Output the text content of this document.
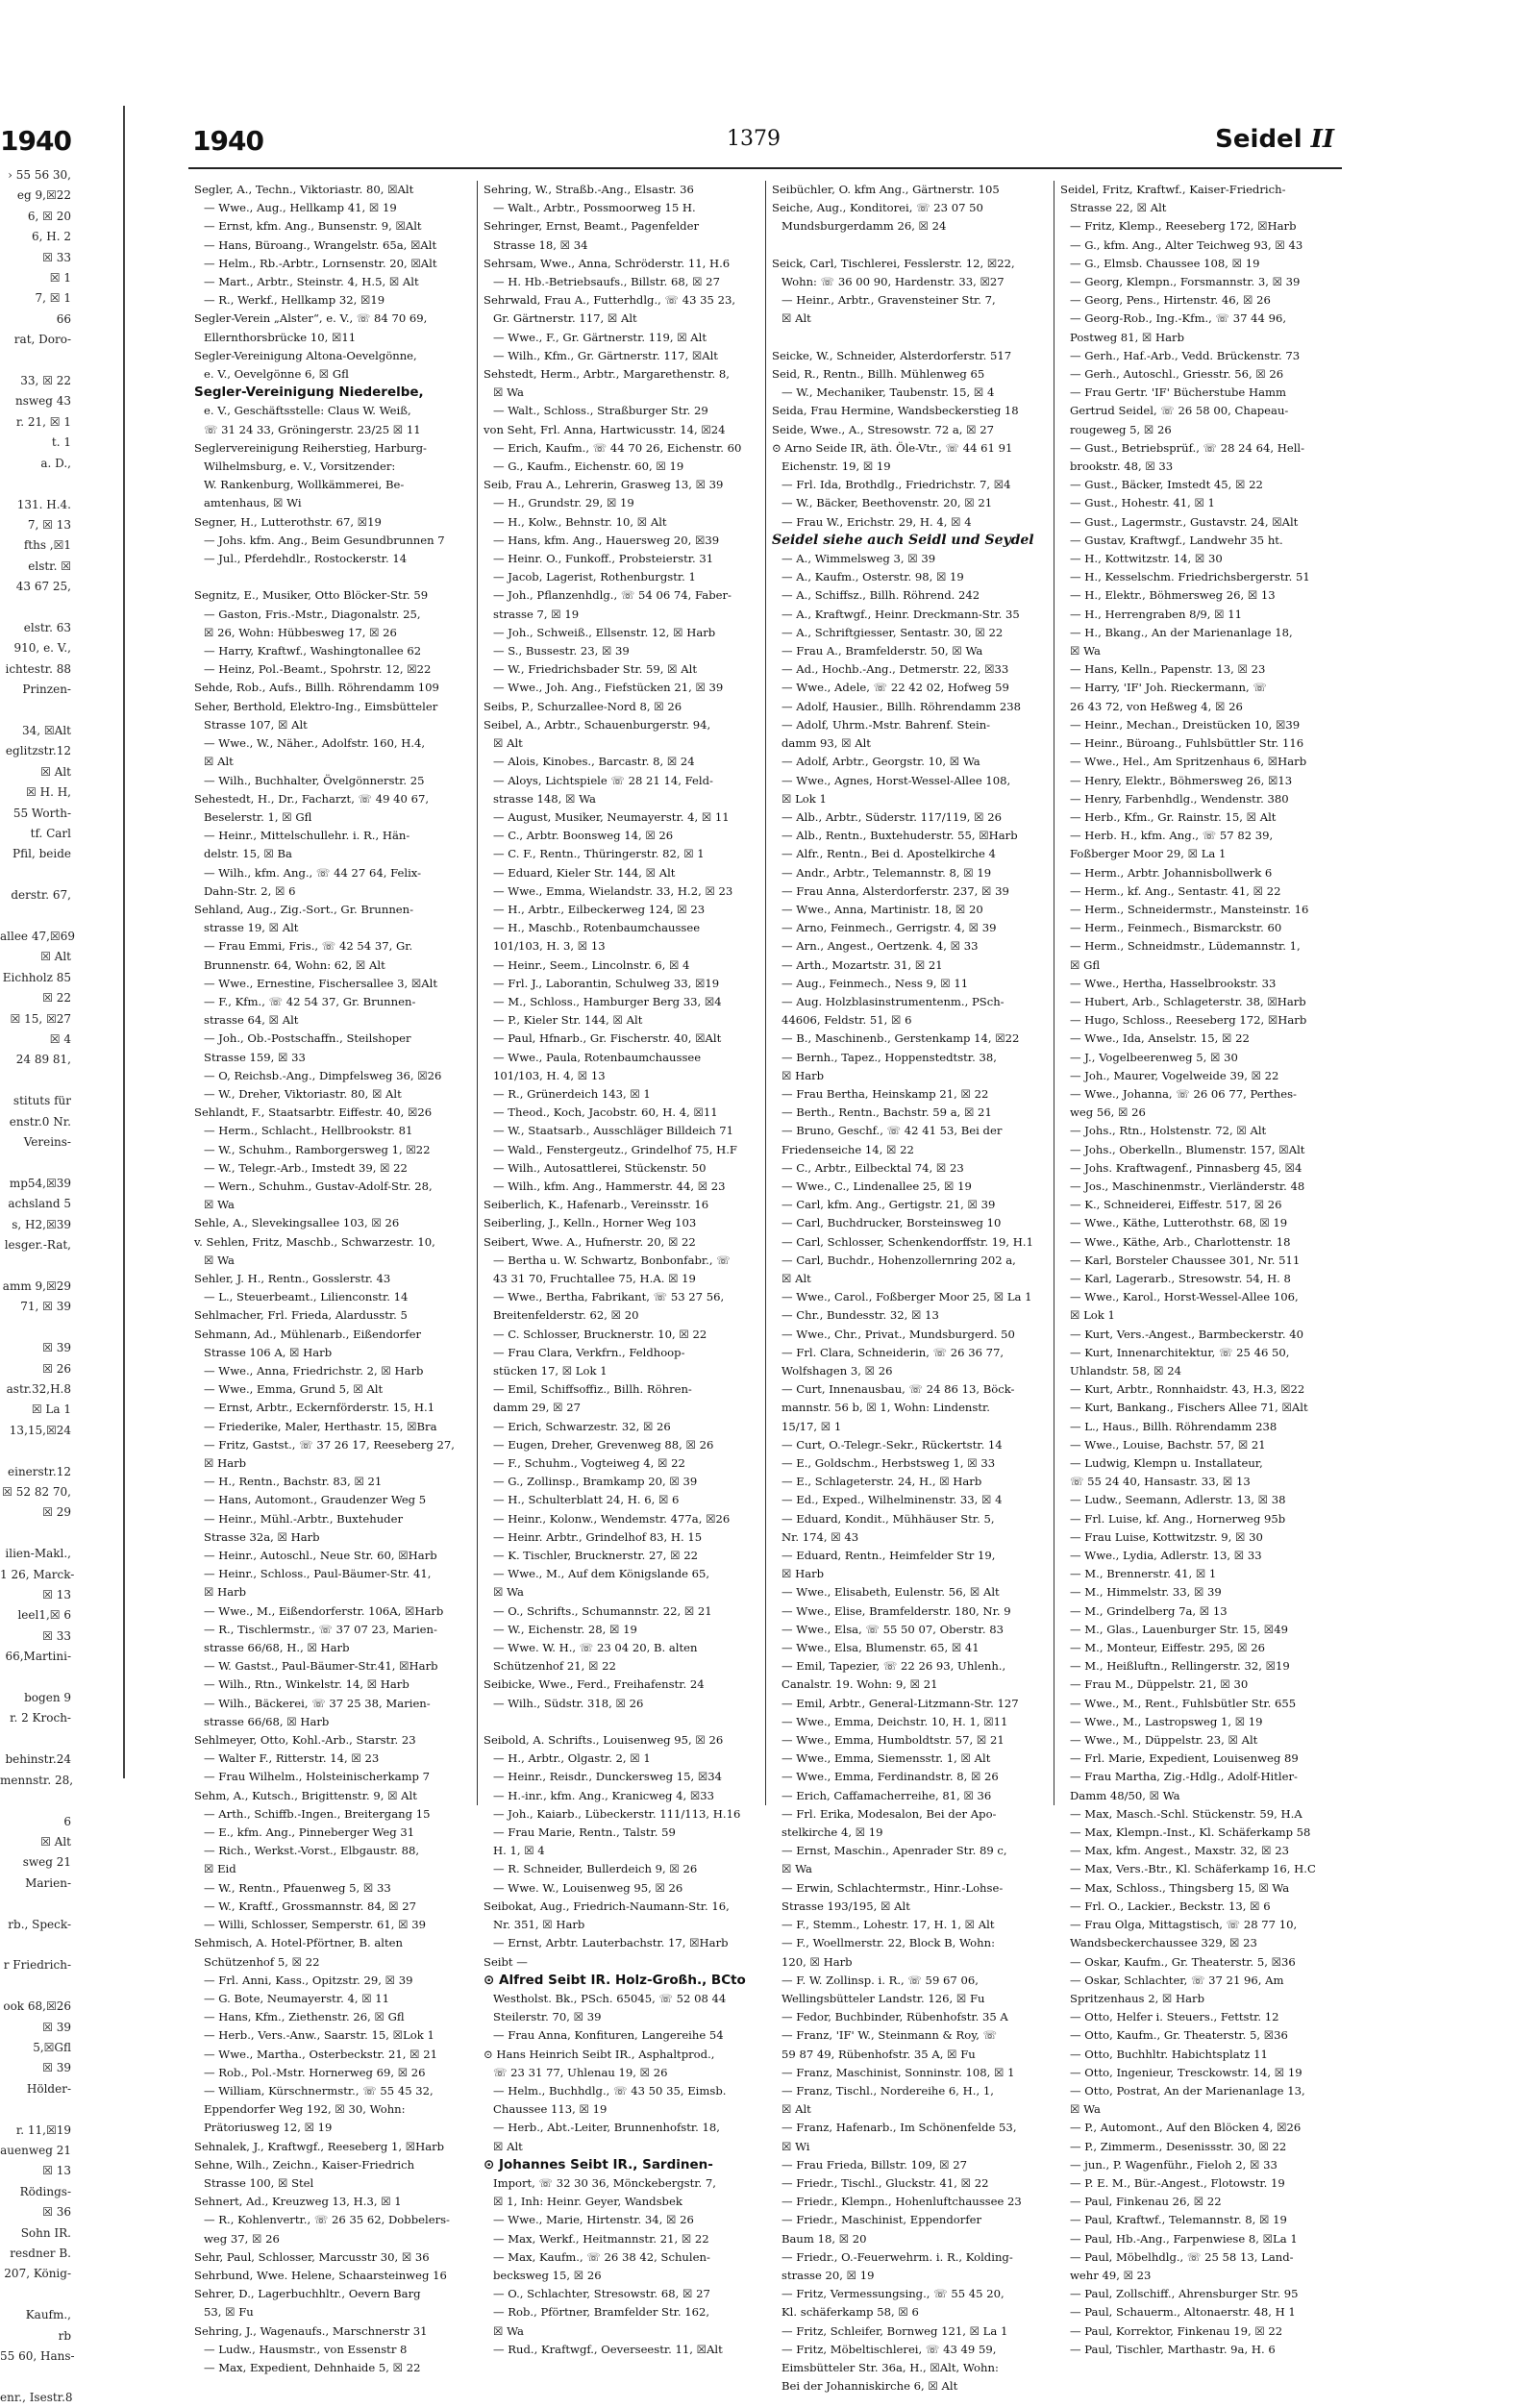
1940
› 55 56 30,
eg 9,☒22
6, ☒ 20
6, H. 2
☒ 33
☒ 1
7, ☒ 1
66
rat, Doro-

33, ☒ 22
nsweg 43
r. 21, ☒ 1
t. 1
a. D.,

131. H.4.
7, ☒ 13
fths ,☒1
elstr. ☒
43 67 25,

elstr. 63
910, e. V.,
ichtestr. 88
Prinzen-

34, ☒Alt
eglitzstr.12
☒ Alt
☒ H. H,
55 Worth-
tf. Carl
Pfil, beide

derstr. 67,

allee 47,☒69
☒ Alt
Eichholz 85
☒ 22
☒ 15, ☒27
☒ 4
24 89 81,

stituts für
enstr.0 Nr.
Vereins-

mp54,☒39
achsland 5
s, H2,☒39
lesger.-Rat,

amm 9,☒29
71, ☒ 39

☒ 39
☒ 26
astr.32,H.8
☒ La 1
13,15,☒24

einerstr.12
☒ 52 82 70,
☒ 29

ilien-Makl.,
1 26, Marck-
☒ 13
leel1,☒ 6
☒ 33
66,Martini-

bogen 9
r. 2 Kroch-

behinstr.24
mennstr. 28,

6
☒ Alt
sweg 21
Marien-

rb., Speck-

r Friedrich-

ook 68,☒26
☒ 39
5,☒Gfl
☒ 39
Hölder-

r. 11,☒19
auenweg 21
☒ 13
Rödings-
☒ 36
Sohn IR.
resdner B.
207, König-

Kaufm.,
rb
55 60, Hans-

enr., Isestr.8
1940	1379	Seidel II
Segler, A., Techn., Viktoriastr. 80, ☒Alt
— Wwe., Aug., Hellkamp 41, ☒ 19
— Ernst, kfm. Ang., Bunsenstr. 9, ☒Alt
— Hans, Büroang., Wrangelstr. 65a, ☒Alt
— Helm., Rb.-Arbtr., Lornsenstr. 20, ☒Alt
— Mart., Arbtr., Steinstr. 4, H.5, ☒ Alt
— R., Werkf., Hellkamp 32, ☒19
Segler-Verein „Alster“, e. V., ☏ 84 70 69,
Ellernthorsbrücke 10, ☒11
Segler-Vereinigung Altona-Oevelgönne,
e. V., Oevelgönne 6, ☒ Gfl
Segler-Vereinigung Niederelbe,
e. V., Geschäftsstelle: Claus W. Weiß,
☏ 31 24 33, Gröningerstr. 23/25 ☒ 11
Seglervereinigung Reiherstieg, Harburg-
Wilhelmsburg, e. V., Vorsitzender:
W. Rankenburg, Wollkämmerei, Be-
amtenhaus, ☒ Wi
Segner, H., Lutterothstr. 67, ☒19
— Johs. kfm. Ang., Beim Gesundbrunnen 7
— Jul., Pferdehdlr., Rostockerstr. 14

Segnitz, E., Musiker, Otto Blöcker-Str. 59
— Gaston, Fris.-Mstr., Diagonalstr. 25,
☒ 26, Wohn: Hübbesweg 17, ☒ 26
— Harry, Kraftwf., Washingtonallee 62
— Heinz, Pol.-Beamt., Spohrstr. 12, ☒22
Sehde, Rob., Aufs., Billh. Röhrendamm 109
Seher, Berthold, Elektro-Ing., Eimsbütteler
Strasse 107, ☒ Alt
— Wwe., W., Näher., Adolfstr. 160, H.4,
☒ Alt
— Wilh., Buchhalter, Övelgönnerstr. 25
Sehestedt, H., Dr., Facharzt, ☏ 49 40 67,
Beselerstr. 1, ☒ Gfl
— Heinr., Mittelschullehr. i. R., Hän-
delstr. 15, ☒ Ba
— Wilh., kfm. Ang., ☏ 44 27 64, Felix-
Dahn-Str. 2, ☒ 6
Sehland, Aug., Zig.-Sort., Gr. Brunnen-
strasse 19, ☒ Alt
— Frau Emmi, Fris., ☏ 42 54 37, Gr.
Brunnenstr. 64, Wohn: 62, ☒ Alt
— Wwe., Ernestine, Fischersallee 3, ☒Alt
— F., Kfm., ☏ 42 54 37, Gr. Brunnen-
strasse 64, ☒ Alt
— Joh., Ob.-Postschaffn., Steilshoper
Strasse 159, ☒ 33
— O, Reichsb.-Ang., Dimpfelsweg 36, ☒26
— W., Dreher, Viktoriastr. 80, ☒ Alt
Sehlandt, F., Staatsarbtr. Eiffestr. 40, ☒26
— Herm., Schlacht., Hellbrookstr. 81
— W., Schuhm., Ramborgersweg 1, ☒22
— W., Telegr.-Arb., Imstedt 39, ☒ 22
— Wern., Schuhm., Gustav-Adolf-Str. 28,
☒ Wa
Sehle, A., Slevekingsallee 103, ☒ 26
v. Sehlen, Fritz, Maschb., Schwarzestr. 10,
☒ Wa
Sehler, J. H., Rentn., Gosslerstr. 43
— L., Steuerbeamt., Lilienconstr. 14
Sehlmacher, Frl. Frieda, Alardusstr. 5
Sehmann, Ad., Mühlenarb., Eißendorfer
Strasse 106 A, ☒ Harb
— Wwe., Anna, Friedrichstr. 2, ☒ Harb
— Wwe., Emma, Grund 5, ☒ Alt
— Ernst, Arbtr., Eckernförderstr. 15, H.1
— Friederike, Maler, Herthastr. 15, ☒Bra
— Fritz, Gastst., ☏ 37 26 17, Reeseberg 27,
☒ Harb
— H., Rentn., Bachstr. 83, ☒ 21
— Hans, Automont., Graudenzer Weg 5
— Heinr., Mühl.-Arbtr., Buxtehuder
Strasse 32a, ☒ Harb
— Heinr., Autoschl., Neue Str. 60, ☒Harb
— Heinr., Schloss., Paul-Bäumer-Str. 41,
☒ Harb
— Wwe., M., Eißendorferstr. 106A, ☒Harb
— R., Tischlermstr., ☏ 37 07 23, Marien-
strasse 66/68, H., ☒ Harb
— W. Gastst., Paul-Bäumer-Str.41, ☒Harb
— Wilh., Rtn., Winkelstr. 14, ☒ Harb
— Wilh., Bäckerei, ☏ 37 25 38, Marien-
strasse 66/68, ☒ Harb
Sehlmeyer, Otto, Kohl.-Arb., Starstr. 23
— Walter F., Ritterstr. 14, ☒ 23
— Frau Wilhelm., Holsteinischerkamp 7
Sehm, A., Kutsch., Brigittenstr. 9, ☒ Alt
— Arth., Schiffb.-Ingen., Breitergang 15
— E., kfm. Ang., Pinneberger Weg 31
— Rich., Werkst.-Vorst., Elbgaustr. 88,
☒ Eid
— W., Rentn., Pfauenweg 5, ☒ 33
— W., Kraftf., Grossmannstr. 84, ☒ 27
— Willi, Schlosser, Semperstr. 61, ☒ 39
Sehmisch, A. Hotel-Pförtner, B. alten
Schützenhof 5, ☒ 22
— Frl. Anni, Kass., Opitzstr. 29, ☒ 39
— G. Bote, Neumayerstr. 4, ☒ 11
— Hans, Kfm., Ziethenstr. 26, ☒ Gfl
— Herb., Vers.-Anw., Saarstr. 15, ☒Lok 1
— Wwe., Martha., Osterbeckstr. 21, ☒ 21
— Rob., Pol.-Mstr. Hornerweg 69, ☒ 26
— William, Kürschnermstr., ☏ 55 45 32,
Eppendorfer Weg 192, ☒ 30, Wohn:
Prätoriusweg 12, ☒ 19
Sehnalek, J., Kraftwgf., Reeseberg 1, ☒Harb
Sehne, Wilh., Zeichn., Kaiser-Friedrich
Strasse 100, ☒ Stel
Sehnert, Ad., Kreuzweg 13, H.3, ☒ 1
— R., Kohlenvertr., ☏ 26 35 62, Dobbelers-
weg 37, ☒ 26
Sehr, Paul, Schlosser, Marcusstr 30, ☒ 36
Sehrbund, Wwe. Helene, Schaarsteinweg 16
Sehrer, D., Lagerbuchhltr., Oevern Barg
53, ☒ Fu
Sehring, J., Wagenaufs., Marschnerstr 31
— Ludw., Hausmstr., von Essenstr 8
— Max, Expedient, Dehnhaide 5, ☒ 22
Sehring, W., Straßb.-Ang., Elsastr. 36
— Walt., Arbtr., Possmoorweg 15 H.
Sehringer, Ernst, Beamt., Pagenfelder
Strasse 18, ☒ 34
Sehrsam, Wwe., Anna, Schröderstr. 11, H.6
— H. Hb.-Betriebsaufs., Billstr. 68, ☒ 27
Sehrwald, Frau A., Futterhdlg., ☏ 43 35 23,
Gr. Gärtnerstr. 117, ☒ Alt
— Wwe., F., Gr. Gärtnerstr. 119, ☒ Alt
— Wilh., Kfm., Gr. Gärtnerstr. 117, ☒Alt
Sehstedt, Herm., Arbtr., Margarethenstr. 8,
☒ Wa
— Walt., Schloss., Straßburger Str. 29
von Seht, Frl. Anna, Hartwicusstr. 14, ☒24
— Erich, Kaufm., ☏ 44 70 26, Eichenstr. 60
— G., Kaufm., Eichenstr. 60, ☒ 19
Seib, Frau A., Lehrerin, Grasweg 13, ☒ 39
— H., Grundstr. 29, ☒ 19
— H., Kolw., Behnstr. 10, ☒ Alt
— Hans, kfm. Ang., Hauersweg 20, ☒39
— Heinr. O., Funkoff., Probsteierstr. 31
— Jacob, Lagerist, Rothenburgstr. 1
— Joh., Pflanzenhdlg., ☏ 54 06 74, Faber-
strasse 7, ☒ 19
— Joh., Schweiß., Ellsenstr. 12, ☒ Harb
— S., Bussestr. 23, ☒ 39
— W., Friedrichsbader Str. 59, ☒ Alt
— Wwe., Joh. Ang., Fiefstücken 21, ☒ 39
Seibs, P., Schurzallee-Nord 8, ☒ 26
Seibel, A., Arbtr., Schauenburgerstr. 94,
☒ Alt
— Alois, Kinobes., Barcastr. 8, ☒ 24
— Aloys, Lichtspiele ☏ 28 21 14, Feld-
strasse 148, ☒ Wa
— August, Musiker, Neumayerstr. 4, ☒ 11
— C., Arbtr. Boonsweg 14, ☒ 26
— C. F., Rentn., Thüringerstr. 82, ☒ 1
— Eduard, Kieler Str. 144, ☒ Alt
— Wwe., Emma, Wielandstr. 33, H.2, ☒ 23
— H., Arbtr., Eilbeckerweg 124, ☒ 23
— H., Maschb., Rotenbaumchaussee
101/103, H. 3, ☒ 13
— Heinr., Seem., Lincolnstr. 6, ☒ 4
— Frl. J., Laborantin, Schulweg 33, ☒19
— M., Schloss., Hamburger Berg 33, ☒4
— P., Kieler Str. 144, ☒ Alt
— Paul, Hfnarb., Gr. Fischerstr. 40, ☒Alt
— Wwe., Paula, Rotenbaumchaussee
101/103, H. 4, ☒ 13
— R., Grünerdeich 143, ☒ 1
— Theod., Koch, Jacobstr. 60, H. 4, ☒11
— W., Staatsarb., Ausschläger Billdeich 71
— Wald., Fenstergeutz., Grindelhof 75, H.F
— Wilh., Autosattlerei, Stückenstr. 50
— Wilh., kfm. Ang., Hammerstr. 44, ☒ 23
Seiberlich, K., Hafenarb., Vereinsstr. 16
Seiberling, J., Kelln., Horner Weg 103
Seibert, Wwe. A., Hufnerstr. 20, ☒ 22
— Bertha u. W. Schwartz, Bonbonfabr., ☏
43 31 70, Fruchtallee 75, H.A. ☒ 19
— Wwe., Bertha, Fabrikant, ☏ 53 27 56,
Breitenfelderstr. 62, ☒ 20
— C. Schlosser, Brucknerstr. 10, ☒ 22
— Frau Clara, Verkfrn., Feldhoop-
stücken 17, ☒ Lok 1
— Emil, Schiffsoffiz., Billh. Röhren-
damm 29, ☒ 27
— Erich, Schwarzestr. 32, ☒ 26
— Eugen, Dreher, Grevenweg 88, ☒ 26
— F., Schuhm., Vogteiweg 4, ☒ 22
— G., Zollinsp., Bramkamp 20, ☒ 39
— H., Schulterblatt 24, H. 6, ☒ 6
— Heinr., Kolonw., Wendemstr. 477a, ☒26
— Heinr. Arbtr., Grindelhof 83, H. 15
— K. Tischler, Brucknerstr. 27, ☒ 22
— Wwe., M., Auf dem Königslande 65,
☒ Wa
— O., Schrifts., Schumannstr. 22, ☒ 21
— W., Eichenstr. 28, ☒ 19
— Wwe. W. H., ☏ 23 04 20, B. alten
Schützenhof 21, ☒ 22
Seibicke, Wwe., Ferd., Freihafenstr. 24
— Wilh., Südstr. 318, ☒ 26

Seibold, A. Schrifts., Louisenweg 95, ☒ 26
— H., Arbtr., Olgastr. 2, ☒ 1
— Heinr., Reisdr., Dunckersweg 15, ☒34
— H.-inr., kfm. Ang., Kranicweg 4, ☒33
— Joh., Kaiarb., Lübeckerstr. 111/113, H.16
— Frau Marie, Rentn., Talstr. 59
H. 1, ☒ 4
— R. Schneider, Bullerdeich 9, ☒ 26
— Wwe. W., Louisenweg 95, ☒ 26
Seibokat, Aug., Friedrich-Naumann-Str. 16,
Nr. 351, ☒ Harb
— Ernst, Arbtr. Lauterbachstr. 17, ☒Harb
Seibt —
⊙ Alfred Seibt IR. Holz-Großh., BCto
Westholst. Bk., PSch. 65045, ☏ 52 08 44
Steilerstr. 70, ☒ 39
— Frau Anna, Konfituren, Langereihe 54
⊙ Hans Heinrich Seibt IR., Asphaltprod.,
☏ 23 31 77, Uhlenau 19, ☒ 26
— Helm., Buchhdlg., ☏ 43 50 35, Eimsb.
Chaussee 113, ☒ 19
— Herb., Abt.-Leiter, Brunnenhofstr. 18,
☒ Alt
⊙ Johannes Seibt IR., Sardinen-
Import, ☏ 32 30 36, Mönckebergstr. 7,
☒ 1, Inh: Heinr. Geyer, Wandsbek
— Wwe., Marie, Hirtenstr. 34, ☒ 26
— Max, Werkf., Heitmannstr. 21, ☒ 22
— Max, Kaufm., ☏ 26 38 42, Schulen-
becksweg 15, ☒ 26
— O., Schlachter, Stresowstr. 68, ☒ 27
— Rob., Pförtner, Bramfelder Str. 162,
☒ Wa
— Rud., Kraftwgf., Oeverseestr. 11, ☒Alt
Seibüchler, O. kfm Ang., Gärtnerstr. 105
Seiche, Aug., Konditorei, ☏ 23 07 50
Mundsburgerdamm 26, ☒ 24

Seick, Carl, Tischlerei, Fesslerstr. 12, ☒22,
Wohn: ☏ 36 00 90, Hardenstr. 33, ☒27
— Heinr., Arbtr., Gravensteiner Str. 7,
☒ Alt

Seicke, W., Schneider, Alsterdorferstr. 517
Seid, R., Rentn., Billh. Mühlenweg 65
— W., Mechaniker, Taubenstr. 15, ☒ 4
Seida, Frau Hermine, Wandsbeckerstieg 18
Seide, Wwe., A., Stresowstr. 72 a, ☒ 27
⊙ Arno Seide IR, äth. Öle-Vtr., ☏ 44 61 91
Eichenstr. 19, ☒ 19
— Frl. Ida, Brothdlg., Friedrichstr. 7, ☒4
— W., Bäcker, Beethovenstr. 20, ☒ 21
— Frau W., Erichstr. 29, H. 4, ☒ 4
Seidel siehe auch Seidl und Seydel
— A., Wimmelsweg 3, ☒ 39
— A., Kaufm., Osterstr. 98, ☒ 19
— A., Schiffsz., Billh. Röhrend. 242
— A., Kraftwgf., Heinr. Dreckmann-Str. 35
— A., Schriftgiesser, Sentastr. 30, ☒ 22
— Frau A., Bramfelderstr. 50, ☒ Wa
— Ad., Hochb.-Ang., Detmerstr. 22, ☒33
— Wwe., Adele, ☏ 22 42 02, Hofweg 59
— Adolf, Hausier., Billh. Röhrendamm 238
— Adolf, Uhrm.-Mstr. Bahrenf. Stein-
damm 93, ☒ Alt
— Adolf, Arbtr., Georgstr. 10, ☒ Wa
— Wwe., Agnes, Horst-Wessel-Allee 108,
☒ Lok 1
— Alb., Arbtr., Süderstr. 117/119, ☒ 26
— Alb., Rentn., Buxtehuderstr. 55, ☒Harb
— Alfr., Rentn., Bei d. Apostelkirche 4
— Andr., Arbtr., Telemannstr. 8, ☒ 19
— Frau Anna, Alsterdorferstr. 237, ☒ 39
— Wwe., Anna, Martinistr. 18, ☒ 20
— Arno, Feinmech., Gerrigstr. 4, ☒ 39
— Arn., Angest., Oertzenk. 4, ☒ 33
— Arth., Mozartstr. 31, ☒ 21
— Aug., Feinmech., Ness 9, ☒ 11
— Aug. Holzblasinstrumentenm., PSch-
44606, Feldstr. 51, ☒ 6
— B., Maschinenb., Gerstenkamp 14, ☒22
— Bernh., Tapez., Hoppenstedtstr. 38,
☒ Harb
— Frau Bertha, Heinskamp 21, ☒ 22
— Berth., Rentn., Bachstr. 59 a, ☒ 21
— Bruno, Geschf., ☏ 42 41 53, Bei der
Friedenseiche 14, ☒ 22
— C., Arbtr., Eilbecktal 74, ☒ 23
— Wwe., C., Lindenallee 25, ☒ 19
— Carl, kfm. Ang., Gertigstr. 21, ☒ 39
— Carl, Buchdrucker, Borsteinsweg 10
— Carl, Schlosser, Schenkendorffstr. 19, H.1
— Carl, Buchdr., Hohenzollernring 202 a,
☒ Alt
— Wwe., Carol., Foßberger Moor 25, ☒ La 1
— Chr., Bundesstr. 32, ☒ 13
— Wwe., Chr., Privat., Mundsburgerd. 50
— Frl. Clara, Schneiderin, ☏ 26 36 77,
Wolfshagen 3, ☒ 26
— Curt, Innenausbau, ☏ 24 86 13, Böck-
mannstr. 56 b, ☒ 1, Wohn: Lindenstr.
15/17, ☒ 1
— Curt, O.-Telegr.-Sekr., Rückertstr. 14
— E., Goldschm., Herbstsweg 1, ☒ 33
— E., Schlageterstr. 24, H., ☒ Harb
— Ed., Exped., Wilhelminenstr. 33, ☒ 4
— Eduard, Kondit., Mühhäuser Str. 5,
Nr. 174, ☒ 43
— Eduard, Rentn., Heimfelder Str 19,
☒ Harb
— Wwe., Elisabeth, Eulenstr. 56, ☒ Alt
— Wwe., Elise, Bramfelderstr. 180, Nr. 9
— Wwe., Elsa, ☏ 55 50 07, Oberstr. 83
— Wwe., Elsa, Blumenstr. 65, ☒ 41
— Emil, Tapezier, ☏ 22 26 93, Uhlenh.,
Canalstr. 19. Wohn: 9, ☒ 21
— Emil, Arbtr., General-Litzmann-Str. 127
— Wwe., Emma, Deichstr. 10, H. 1, ☒11
— Wwe., Emma, Humboldtstr. 57, ☒ 21
— Wwe., Emma, Siemensstr. 1, ☒ Alt
— Wwe., Emma, Ferdinandstr. 8, ☒ 26
— Erich, Caffamacherreihe, 81, ☒ 36
— Frl. Erika, Modesalon, Bei der Apo-
stelkirche 4, ☒ 19
— Ernst, Maschin., Apenrader Str. 89 c,
☒ Wa
— Erwin, Schlachtermstr., Hinr.-Lohse-
Strasse 193/195, ☒ Alt
— F., Stemm., Lohestr. 17, H. 1, ☒ Alt
— F., Woellmerstr. 22, Block B, Wohn:
120, ☒ Harb
— F. W. Zollinsp. i. R., ☏ 59 67 06,
Wellingsbütteler Landstr. 126, ☒ Fu
— Fedor, Buchbinder, Rübenhofstr. 35 A
— Franz, 'IF' W., Steinmann & Roy, ☏
59 87 49, Rübenhofstr. 35 A, ☒ Fu
— Franz, Maschinist, Sonninstr. 108, ☒ 1
— Franz, Tischl., Nordereihe 6, H., 1,
☒ Alt
— Franz, Hafenarb., Im Schönenfelde 53,
☒ Wi
— Frau Frieda, Billstr. 109, ☒ 27
— Friedr., Tischl., Gluckstr. 41, ☒ 22
— Friedr., Klempn., Hohenluftchaussee 23
— Friedr., Maschinist, Eppendorfer
Baum 18, ☒ 20
— Friedr., O.-Feuerwehrm. i. R., Kolding-
strasse 20, ☒ 19
— Fritz, Vermessungsing., ☏ 55 45 20,
Kl. schäferkamp 58, ☒ 6
— Fritz, Schleifer, Bornweg 121, ☒ La 1
— Fritz, Möbeltischlerei, ☏ 43 49 59,
Eimsbütteler Str. 36a, H., ☒Alt, Wohn:
Bei der Johanniskirche 6, ☒ Alt
Seidel, Fritz, Kraftwf., Kaiser-Friedrich-
Strasse 22, ☒ Alt
— Fritz, Klemp., Reeseberg 172, ☒Harb
— G., kfm. Ang., Alter Teichweg 93, ☒ 43
— G., Elmsb. Chaussee 108, ☒ 19
— Georg, Klempn., Forsmannstr. 3, ☒ 39
— Georg, Pens., Hirtenstr. 46, ☒ 26
— Georg-Rob., Ing.-Kfm., ☏ 37 44 96,
Postweg 81, ☒ Harb
— Gerh., Haf.-Arb., Vedd. Brückenstr. 73
— Gerh., Autoschl., Griesstr. 56, ☒ 26
— Frau Gertr. 'IF' Bücherstube Hamm
Gertrud Seidel, ☏ 26 58 00, Chapeau-
rougeweg 5, ☒ 26
— Gust., Betriebsprüf., ☏ 28 24 64, Hell-
brookstr. 48, ☒ 33
— Gust., Bäcker, Imstedt 45, ☒ 22
— Gust., Hohestr. 41, ☒ 1
— Gust., Lagermstr., Gustavstr. 24, ☒Alt
— Gustav, Kraftwgf., Landwehr 35 ht.
— H., Kottwitzstr. 14, ☒ 30
— H., Kesselschm. Friedrichsbergerstr. 51
— H., Elektr., Böhmersweg 26, ☒ 13
— H., Herrengraben 8/9, ☒ 11
— H., Bkang., An der Marienanlage 18,
☒ Wa
— Hans, Kelln., Papenstr. 13, ☒ 23
— Harry, 'IF' Joh. Rieckermann, ☏
26 43 72, von Heßweg 4, ☒ 26
— Heinr., Mechan., Dreistücken 10, ☒39
— Heinr., Büroang., Fuhlsbüttler Str. 116
— Wwe., Hel., Am Spritzenhaus 6, ☒Harb
— Henry, Elektr., Böhmersweg 26, ☒13
— Henry, Farbenhdlg., Wendenstr. 380
— Herb., Kfm., Gr. Rainstr. 15, ☒ Alt
— Herb. H., kfm. Ang., ☏ 57 82 39,
Foßberger Moor 29, ☒ La 1
— Herm., Arbtr. Johannisbollwerk 6
— Herm., kf. Ang., Sentastr. 41, ☒ 22
— Herm., Schneidermstr., Mansteinstr. 16
— Herm., Feinmech., Bismarckstr. 60
— Herm., Schneidmstr., Lüdemannstr. 1,
☒ Gfl
— Wwe., Hertha, Hasselbrookstr. 33
— Hubert, Arb., Schlageterstr. 38, ☒Harb
— Hugo, Schloss., Reeseberg 172, ☒Harb
— Wwe., Ida, Anselstr. 15, ☒ 22
— J., Vogelbeerenweg 5, ☒ 30
— Joh., Maurer, Vogelweide 39, ☒ 22
— Wwe., Johanna, ☏ 26 06 77, Perthes-
weg 56, ☒ 26
— Johs., Rtn., Holstenstr. 72, ☒ Alt
— Johs., Oberkelln., Blumenstr. 157, ☒Alt
— Johs. Kraftwagenf., Pinnasberg 45, ☒4
— Jos., Maschinenmstr., Vierländerstr. 48
— K., Schneiderei, Eiffestr. 517, ☒ 26
— Wwe., Käthe, Lutterothstr. 68, ☒ 19
— Wwe., Käthe, Arb., Charlottenstr. 18
— Karl, Borsteler Chaussee 301, Nr. 511
— Karl, Lagerarb., Stresowstr. 54, H. 8
— Wwe., Karol., Horst-Wessel-Allee 106,
☒ Lok 1
— Kurt, Vers.-Angest., Barmbeckerstr. 40
— Kurt, Innenarchitektur, ☏ 25 46 50,
Uhlandstr. 58, ☒ 24
— Kurt, Arbtr., Ronnhaidstr. 43, H.3, ☒22
— Kurt, Bankang., Fischers Allee 71, ☒Alt
— L., Haus., Billh. Röhrendamm 238
— Wwe., Louise, Bachstr. 57, ☒ 21
— Ludwig, Klempn u. Installateur,
☏ 55 24 40, Hansastr. 33, ☒ 13
— Ludw., Seemann, Adlerstr. 13, ☒ 38
— Frl. Luise, kf. Ang., Hornerweg 95b
— Frau Luise, Kottwitzstr. 9, ☒ 30
— Wwe., Lydia, Adlerstr. 13, ☒ 33
— M., Brennerstr. 41, ☒ 1
— M., Himmelstr. 33, ☒ 39
— M., Grindelberg 7a, ☒ 13
— M., Glas., Lauenburger Str. 15, ☒49
— M., Monteur, Eiffestr. 295, ☒ 26
— M., Heißluftn., Rellingerstr. 32, ☒19
— Frau M., Düppelstr. 21, ☒ 30
— Wwe., M., Rent., Fuhlsbütler Str. 655
— Wwe., M., Lastropsweg 1, ☒ 19
— Wwe., M., Düppelstr. 23, ☒ Alt
— Frl. Marie, Expedient, Louisenweg 89
— Frau Martha, Zig.-Hdlg., Adolf-Hitler-
Damm 48/50, ☒ Wa
— Max, Masch.-Schl. Stückenstr. 59, H.A
— Max, Klempn.-Inst., Kl. Schäferkamp 58
— Max, kfm. Angest., Maxstr. 32, ☒ 23
— Max, Vers.-Btr., Kl. Schäferkamp 16, H.C
— Max, Schloss., Thingsberg 15, ☒ Wa
— Frl. O., Lackier., Beckstr. 13, ☒ 6
— Frau Olga, Mittagstisch, ☏ 28 77 10,
Wandsbeckerchaussee 329, ☒ 23
— Oskar, Kaufm., Gr. Theaterstr. 5, ☒36
— Oskar, Schlachter, ☏ 37 21 96, Am
Spritzenhaus 2, ☒ Harb
— Otto, Helfer i. Steuers., Fettstr. 12
— Otto, Kaufm., Gr. Theaterstr. 5, ☒36
— Otto, Buchhltr. Habichtsplatz 11
— Otto, Ingenieur, Tresckowstr. 14, ☒ 19
— Otto, Postrat, An der Marienanlage 13,
☒ Wa
— P., Automont., Auf den Blöcken 4, ☒26
— P., Zimmerm., Desenissstr. 30, ☒ 22
— jun., P. Wagenführ., Fieloh 2, ☒ 33
— P. E. M., Bür.-Angest., Flotowstr. 19
— Paul, Finkenau 26, ☒ 22
— Paul, Kraftwf., Telemannstr. 8, ☒ 19
— Paul, Hb.-Ang., Farpenwiese 8, ☒La 1
— Paul, Möbelhdlg., ☏ 25 58 13, Land-
wehr 49, ☒ 23
— Paul, Zollschiff., Ahrensburger Str. 95
— Paul, Schauerm., Altonaerstr. 48, H 1
— Paul, Korrektor, Finkenau 19, ☒ 22
— Paul, Tischler, Marthastr. 9a, H. 6
